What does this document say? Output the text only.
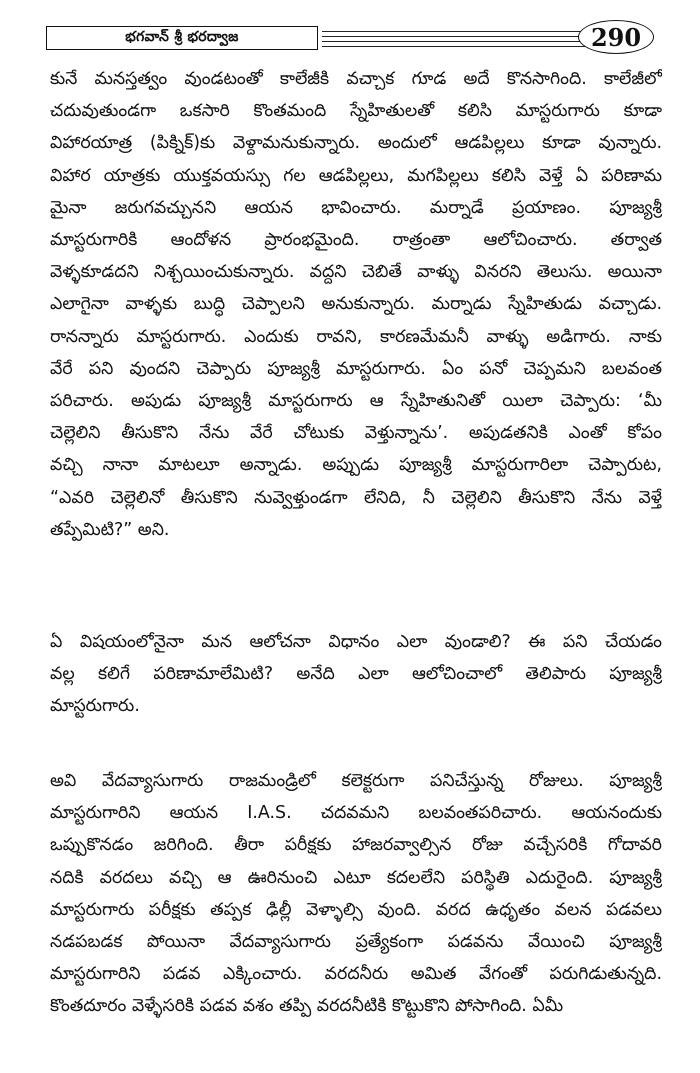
భగవాన్ శ్రీ భరద్వాజ	290
కునే మనస్తత్వం వుండటంతో కాలేజీకి వచ్చాక గూడ అదే కొనసాగింది. కాలేజీలో
చదువుతుండగా ఒకసారి కొంతమంది స్నేహితులతో కలిసి మాస్టరుగారు కూడా
విహారయాత్ర (పిక్నిక్)కు వెళ్దామనుకున్నారు. అందులో ఆడపిల్లలు కూడా వున్నారు.
విహార యాత్రకు యుక్తవయస్సు గల ఆడపిల్లలు, మగపిల్లలు కలిసి వెళ్తే ఏ పరిణామ
మైనా జరుగవచ్చునని ఆయన భావించారు. మర్నాడే ప్రయాణం. పూజ్యశ్రీ
మాస్టరుగారికి ఆందోళన ప్రారంభమైంది. రాత్రంతా ఆలోచించారు. తర్వాత
వెళ్ళకూడదని నిశ్చయించుకున్నారు. వద్దని చెబితే వాళ్ళు వినరని తెలుసు. అయినా
ఎలాగైనా వాళ్ళకు బుద్ధి చెప్పాలని అనుకున్నారు. మర్నాడు స్నేహితుడు వచ్చాడు.
రానన్నారు మాస్టరుగారు. ఎందుకు రావని, కారణమేమనీ వాళ్ళు అడిగారు. నాకు
వేరే పని వుందని చెప్పారు పూజ్యశ్రీ మాస్టరుగారు. ఏం పనో చెప్పమని బలవంత
పరిచారు. అపుడు పూజ్యశ్రీ మాస్టరుగారు ఆ స్నేహితునితో యిలా చెప్పారు: ‘మీ
చెల్లెలిని తీసుకొని నేను వేరే చోటుకు వెళ్తున్నాను’. అపుడతనికి ఎంతో కోపం
వచ్చి నానా మాటలూ అన్నాడు. అప్పుడు పూజ్యశ్రీ మాస్టరుగారిలా చెప్పారుట,
“ఎవరి చెల్లెలినో తీసుకొని నువ్వెళ్తుండగా లేనిది, నీ చెల్లెలిని తీసుకొని నేను వెళ్తే
తప్పేమిటి?” అని.
ఏ విషయంలోనైనా మన ఆలోచనా విధానం ఎలా వుండాలి? ఈ పని చేయడం
వల్ల కలిగే పరిణామాలేమిటి? అనేది ఎలా ఆలోచించాలో తెలిపారు పూజ్యశ్రీ
మాస్టరుగారు.
అవి వేదవ్యాసుగారు రాజమండ్రిలో కలెక్టరుగా పనిచేస్తున్న రోజులు. పూజ్యశ్రీ
మాస్టరుగారిని ఆయన I.A.S. చదవమని బలవంతపరిచారు. ఆయనందుకు
ఒప్పుకొనడం జరిగింది. తీరా పరీక్షకు హాజరవ్వాల్సిన రోజు వచ్చేసరికి గోదావరి
నదికి వరదలు వచ్చి ఆ ఊరినుంచి ఎటూ కదలలేని పరిస్థితి ఎదురైంది. పూజ్యశ్రీ
మాస్టరుగారు పరీక్షకు తప్పక ఢిల్లీ వెళ్ళాల్సి వుంది. వరద ఉధృతం వలన పడవలు
నడపబడక పోయినా వేదవ్యాసుగారు ప్రత్యేకంగా పడవను వేయించి పూజ్యశ్రీ
మాస్టరుగారిని పడవ ఎక్కించారు. వరదనీరు అమిత వేగంతో పరుగిడుతున్నది.
కొంతదూరం వెళ్ళేసరికి పడవ వశం తప్పి వరదనీటికి కొట్టుకొని పోసాగింది. ఏమీ
